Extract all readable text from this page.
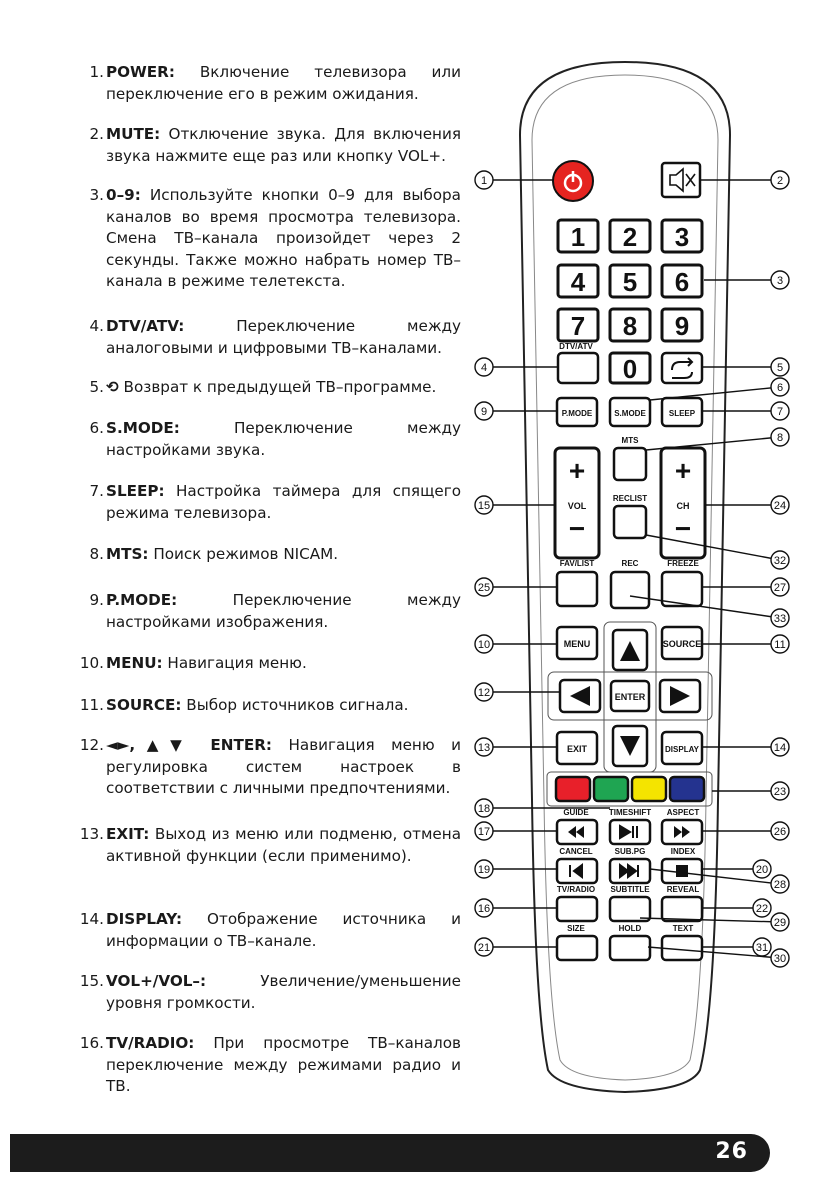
1. POWER: Включение телевизора или переключение его в режим ожидания.
2. MUTE: Отключение звука. Для включения звука нажмите еще раз или кнопку VOL+.
3. 0–9: Используйте кнопки 0–9 для выбора каналов во время просмотра телевизора. Смена ТВ–канала произойдет через 2 секунды. Также можно набрать номер ТВ–канала в режиме телетекста.
4. DTV/ATV: Переключение между аналоговыми и цифровыми ТВ–каналами.
5. ⟲ Возврат к предыдущей ТВ–программе.
6. S.MODE: Переключение между настройками звука.
7. SLEEP: Настройка таймера для спящего режима телевизора.
8. MTS: Поиск режимов NICAM.
9. P.MODE: Переключение между настройками изображения.
10. MENU: Навигация меню.
11. SOURCE: Выбор источников сигнала.
12. ◄►,▲▼ ENTER: Навигация меню и регулировка систем настроек в соответствии с личными предпочтениями.
13. EXIT: Выход из меню или подменю, отмена активной функции (если применимо).
14. DISPLAY: Отображение источника и информации о ТВ–канале.
15. VOL+/VOL–: Увеличение/уменьшение уровня громкости.
16. TV/RADIO: При просмотре ТВ–каналов переключение между режимами радио и ТВ.
1 2 3
4 5 6
7 8 9
0
DTV/ATV
P.MODE	S.MODE	SLEEP
+
VOL
−
+
CH
−
MTS
RECLIST
FAV/LIST	REC	FREEZE
MENU	SOURCE
ENTER
EXIT	DISPLAY
GUIDE	TIMESHIFT ASPECT
CANCEL	SUB.PG	INDEX
TV/RADIO SUBTITLE REVEAL
SIZE	HOLD	TEXT
1	2
3
4	5
6
7
8
9
10	11
12
13	14
15
16
17
18
19	20
21
22
23
24
25
26
27
28
29
30
31
32
33
26
